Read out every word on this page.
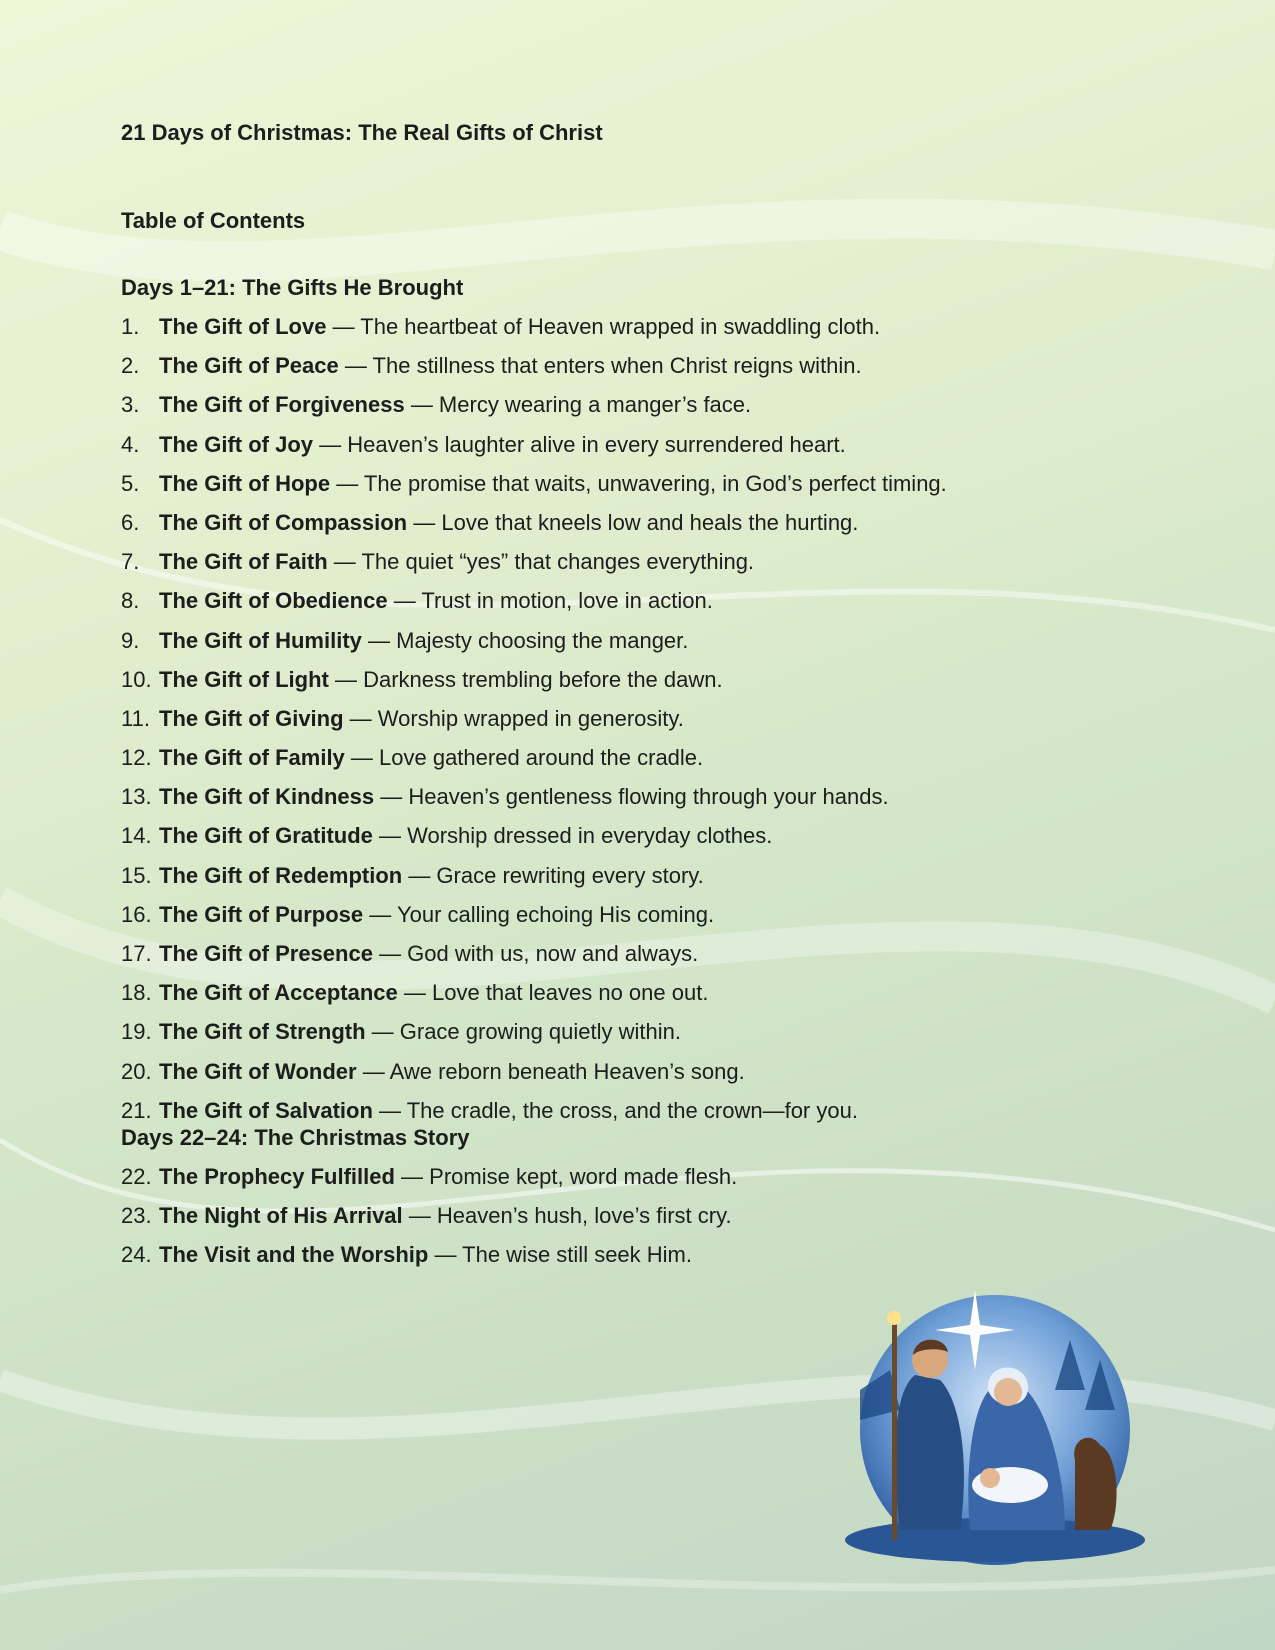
21 Days of Christmas: The Real Gifts of Christ
Table of Contents
Days 1–21: The Gifts He Brought
1. The Gift of Love — The heartbeat of Heaven wrapped in swaddling cloth.
2. The Gift of Peace — The stillness that enters when Christ reigns within.
3. The Gift of Forgiveness — Mercy wearing a manger’s face.
4. The Gift of Joy — Heaven’s laughter alive in every surrendered heart.
5. The Gift of Hope — The promise that waits, unwavering, in God’s perfect timing.
6. The Gift of Compassion — Love that kneels low and heals the hurting.
7. The Gift of Faith — The quiet “yes” that changes everything.
8. The Gift of Obedience — Trust in motion, love in action.
9. The Gift of Humility — Majesty choosing the manger.
10. The Gift of Light — Darkness trembling before the dawn.
11. The Gift of Giving — Worship wrapped in generosity.
12. The Gift of Family — Love gathered around the cradle.
13. The Gift of Kindness — Heaven’s gentleness flowing through your hands.
14. The Gift of Gratitude — Worship dressed in everyday clothes.
15. The Gift of Redemption — Grace rewriting every story.
16. The Gift of Purpose — Your calling echoing His coming.
17. The Gift of Presence — God with us, now and always.
18. The Gift of Acceptance — Love that leaves no one out.
19. The Gift of Strength — Grace growing quietly within.
20. The Gift of Wonder — Awe reborn beneath Heaven’s song.
21. The Gift of Salvation — The cradle, the cross, and the crown—for you.
Days 22–24: The Christmas Story
22. The Prophecy Fulfilled — Promise kept, word made flesh.
23. The Night of His Arrival — Heaven’s hush, love’s first cry.
24. The Visit and the Worship — The wise still seek Him.
